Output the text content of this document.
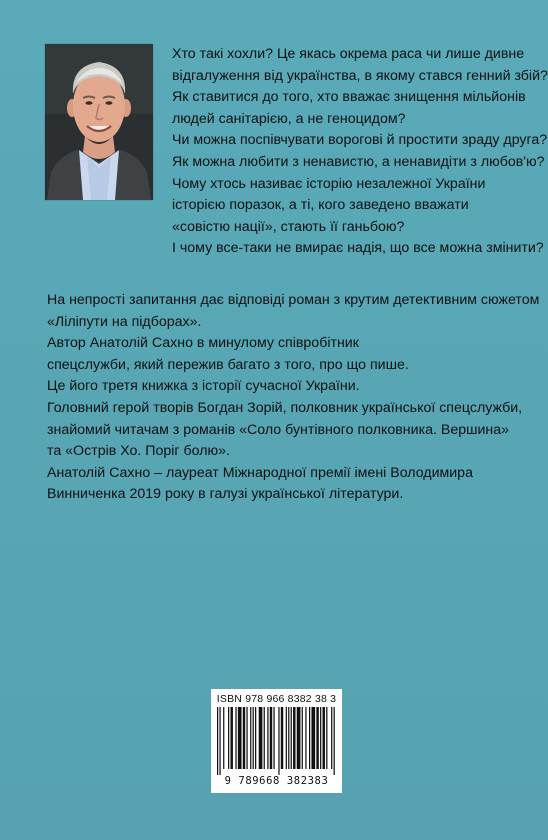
Хто такі хохли? Це якась окрема раса чи лише дивне
відгалуження від українства, в якому стався генний збій?
Як ставитися до того, хто вважає знищення мільйонів
людей санітарією, а не геноцидом?
Чи можна поспівчувати ворогові й простити зраду друга?
Як можна любити з ненавистю, а ненавидіти з любов'ю?
Чому хтось називає історію незалежної України
історією поразок, а ті, кого заведено вважати
«совістю нації», стають її ганьбою?
І чому все-таки не вмирає надія, що все можна змінити?
На непрості запитання дає відповіді роман з крутим детективним сюжетом
«Ліліпути на підборах».
Автор Анатолій Сахно в минулому співробітник
спецслужби, який пережив багато з того, про що пише.
Це його третя книжка з історії сучасної України.
Головний герой творів Богдан Зорій, полковник української спецслужби,
знайомий читачам з романів «Соло бунтівного полковника. Вершина»
та «Острів Хо. Поріг болю».
Анатолій Сахно – лауреат Міжнародної премії імені Володимира
Винниченка 2019 року в галузі української літератури.
ISBN 978 966 8382 38 3
9 789668 382383
